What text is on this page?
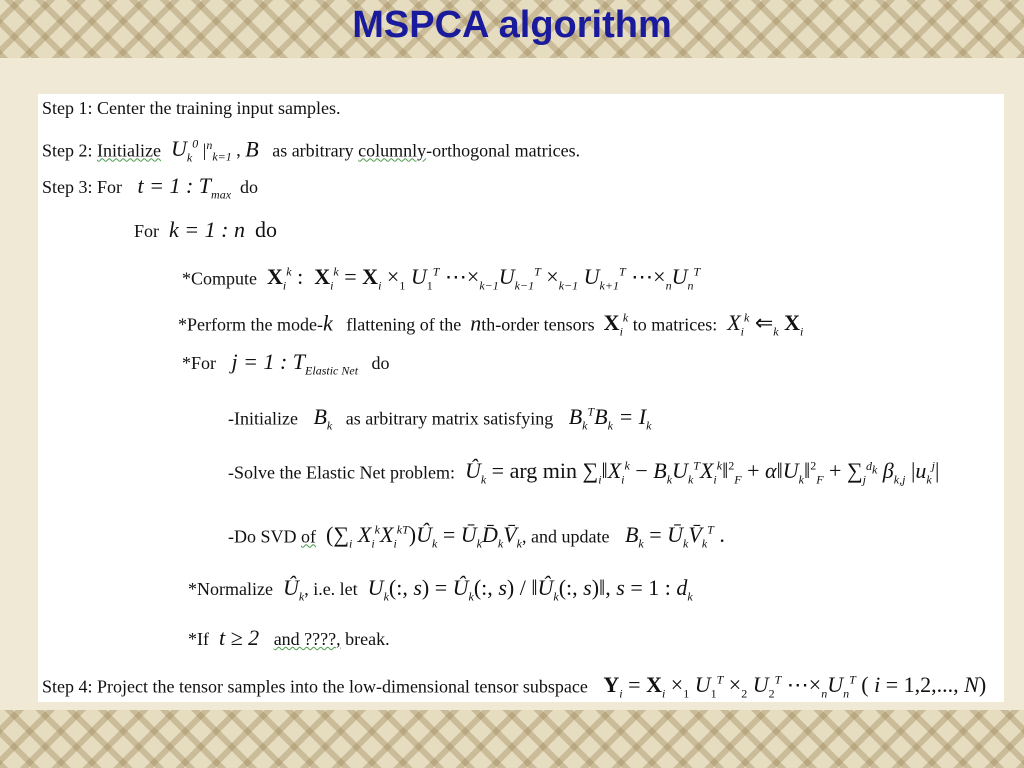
MSPCA algorithm
Step 1: Center the training input samples.
Step 2: Initialize  $U_k^0$ $|^n_{k=1}$ , B as arbitrary columnly-orthogonal matrices.
Step 3: For   t = 1 : $T_{max}$ do
For  k = 1 : n  do
*Compute $X_i^k$ :  $X_i^k = X_i \times_1$ $U_1^T$ $\cdots\times_{k-1}U_{k-1}^T \times_{k-1}$ $U_{k+1}^T$ $\cdots\times_nU_n^T$
*Perform the mode-k flattening of the nth-order tensors $X_i^k$ to matrices: $X_i^k$ $⇐_k$ $X_i$
*For   j = 1 : $T_{Elastic Net}$ do
-Initialize   $B_k$ as arbitrary matrix satisfying   $B_k^TB_k = I_k$
-Solve the Elastic Net problem: $Û_k$ = arg $\min \sum_i‖X_i^k$ − $B_kU_k^TX_i^k‖^2_F$ + $\alpha‖U_k‖^2_F + \sum_j^{d_k}$ $\beta_{k,j}$ $|u_k^j|$
-Do SVD of  ($\sum_i$ $X_i^kX_i^{kT})Û_k$ = $Ū_kD̄_kV̄_k$, and update $B_k$ = $Ū_kV̄_k^T$ .
*Normalize  $Û_k$, i.e. let $U_k$(:, $s) = Û_k$(:, $s) / ‖Û_k$(:, s)‖, s = 1 : $d_k$
*If  t ≥ 2   and ????, break.
Step 4: Project the tensor samples into the low-dimensional tensor subspace $Y_i = X_i \times_1$ $U_1^T \times_2$ $U_2^T$ $\cdots\times_nU_n^T$ ( i = 1,2,..., N)
